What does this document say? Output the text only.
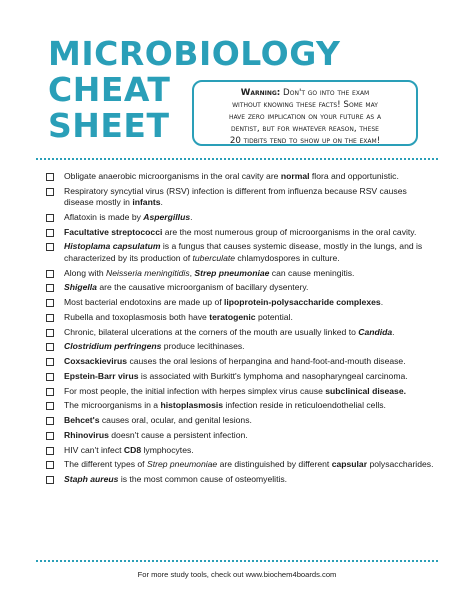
MICROBIOLOGY
CHEAT
SHEET
Warning: Don't go into the exam
without knowing these facts! Some may
have zero implication on your future as a
dentist, but for whatever reason, these
20 tidbits tend to show up on the exam!
Obligate anaerobic microorganisms in the oral cavity are normal flora and opportunistic.
Respiratory syncytial virus (RSV) infection is different from influenza because RSV causes disease mostly in infants.
Aflatoxin is made by Aspergillus.
Facultative streptococci are the most numerous group of microorganisms in the oral cavity.
Histoplama capsulatum is a fungus that causes systemic disease, mostly in the lungs, and is characterized by its production of tuberculate chlamydospores in culture.
Along with Neisseria meningitidis, Strep pneumoniae can cause meningitis.
Shigella are the causative microorganism of bacillary dysentery.
Most bacterial endotoxins are made up of lipoprotein-polysaccharide complexes.
Rubella and toxoplasmosis both have teratogenic potential.
Chronic, bilateral ulcerations at the corners of the mouth are usually linked to Candida.
Clostridium perfringens produce lecithinases.
Coxsackievirus causes the oral lesions of herpangina and hand-foot-and-mouth disease.
Epstein-Barr virus is associated with Burkitt's lymphoma and nasopharyngeal carcinoma.
For most people, the initial infection with herpes simplex virus cause subclinical disease.
The microorganisms in a histoplasmosis infection reside in reticuloendothelial cells.
Behcet's causes oral, ocular, and genital lesions.
Rhinovirus doesn't cause a persistent infection.
HIV can't infect CD8 lymphocytes.
The different types of Strep pneumoniae are distinguished by different capsular polysaccharides.
Staph aureus is the most common cause of osteomyelitis.
For more study tools, check out www.biochem4boards.com
